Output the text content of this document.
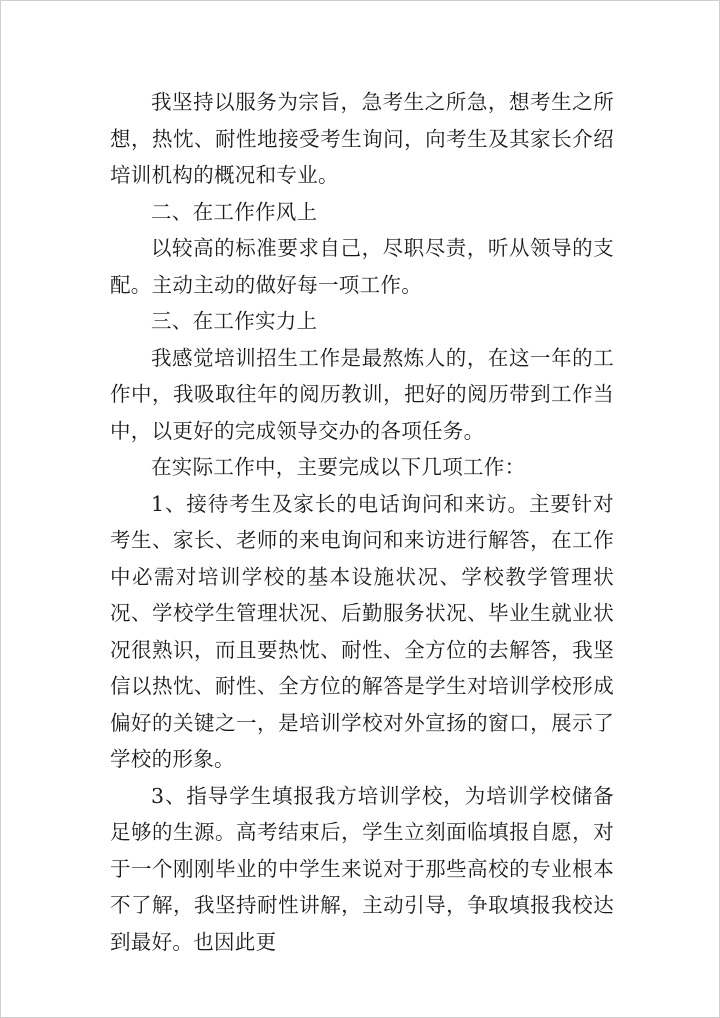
我坚持以服务为宗旨，急考生之所急，想考生之所想，热忱、耐性地接受考生询问，向考生及其家长介绍培训机构的概况和专业。

二、在工作作风上

以较高的标准要求自己，尽职尽责，听从领导的支配。主动主动的做好每一项工作。

三、在工作实力上

我感觉培训招生工作是最熬炼人的，在这一年的工作中，我吸取往年的阅历教训，把好的阅历带到工作当中，以更好的完成领导交办的各项任务。

在实际工作中，主要完成以下几项工作：

1、接待考生及家长的电话询问和来访。主要针对考生、家长、老师的来电询问和来访进行解答，在工作中必需对培训学校的基本设施状况、学校教学管理状况、学校学生管理状况、后勤服务状况、毕业生就业状况很熟识，而且要热忱、耐性、全方位的去解答，我坚信以热忱、耐性、全方位的解答是学生对培训学校形成偏好的关键之一，是培训学校对外宣扬的窗口，展示了学校的形象。

3、指导学生填报我方培训学校，为培训学校储备足够的生源。高考结束后，学生立刻面临填报自愿，对于一个刚刚毕业的中学生来说对于那些高校的专业根本不了解，我坚持耐性讲解，主动引导，争取填报我校达到最好。也因此更
